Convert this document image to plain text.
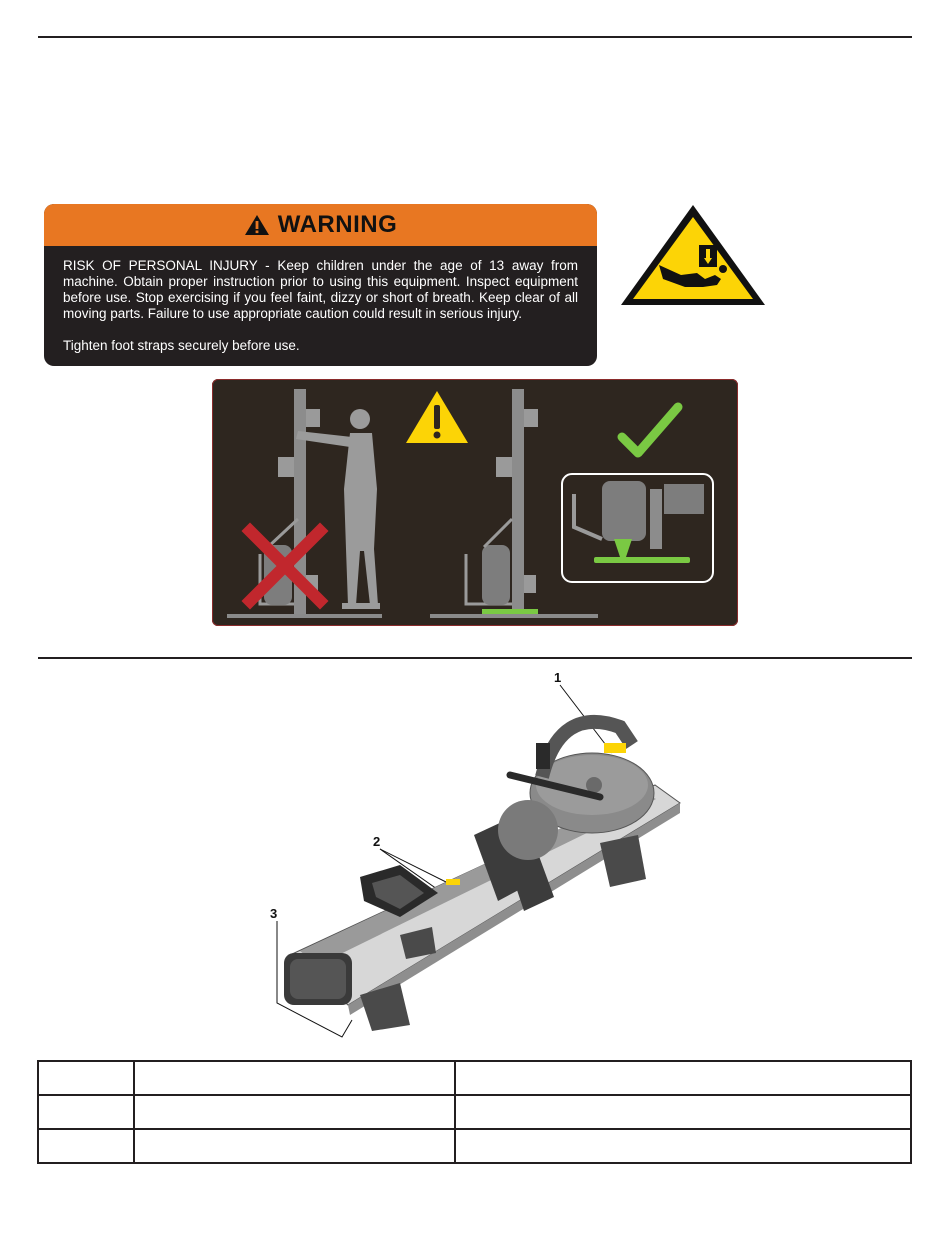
WARNING

RISK OF PERSONAL INJURY - Keep children under the age of 13 away from machine. Obtain proper instruction prior to using this equipment. Inspect equipment before use. Stop exercising if you feel faint, dizzy or short of breath. Keep clear of all moving parts. Failure to use appropriate caution could result in serious injury.

Tighten foot straps securely before use.

1
2
3
